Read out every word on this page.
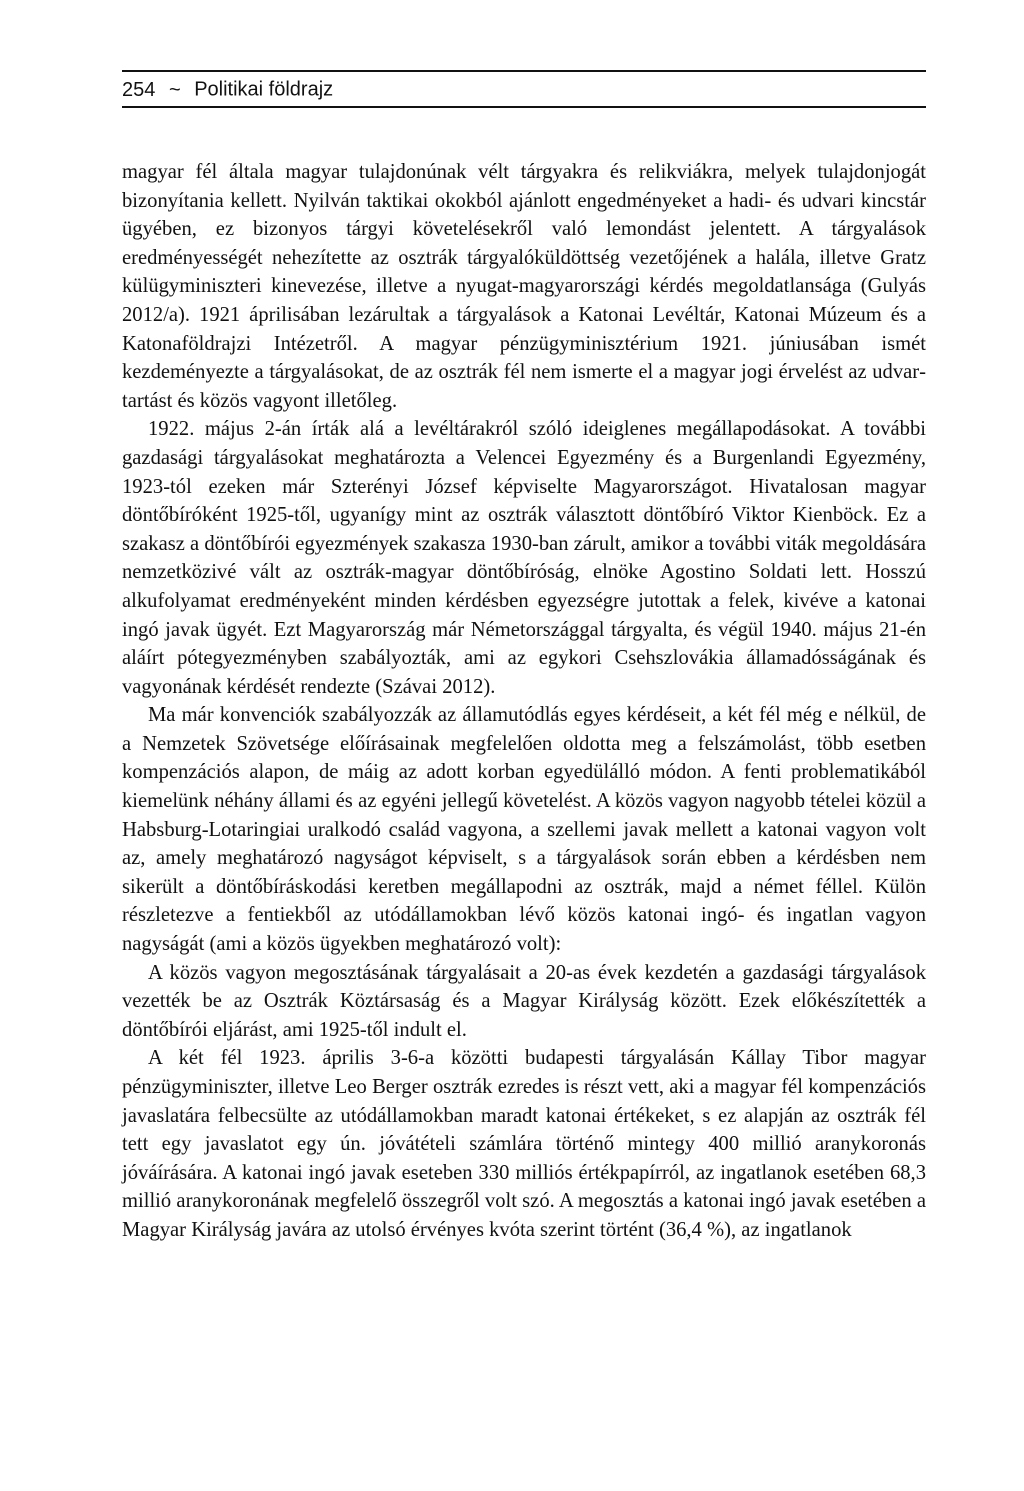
254 ~ Politikai földrajz

magyar fél általa magyar tulajdonúnak vélt tárgyakra és relikviákra, melyek tulajdonjogát bizonyítania kellett. Nyilván taktikai okokból ajánlott engedményeket a hadi- és udvari kincstár ügyében, ez bizonyos tárgyi követelésekről való lemondást jelentett. A tárgyalások eredményességét nehezítette az osztrák tárgyalóküldöttség vezetőjének a halála, illetve Gratz külügyminiszteri kinevezése, illetve a nyugat-magyarországi kérdés megoldatlansága (Gulyás 2012/a). 1921 áprilisában lezárultak a tárgyalások a Katonai Levéltár, Katonai Múzeum és a Katonaföldrajzi Intézetről. A magyar pénzügyminisztérium 1921. júniusában ismét kezdeményezte a tárgyalásokat, de az osztrák fél nem ismerte el a magyar jogi érvelést az udvartartást és közös vagyont illetőleg.

1922. május 2-án írták alá a levéltárakról szóló ideiglenes megállapodásokat. A további gazdasági tárgyalásokat meghatározta a Velencei Egyezmény és a Burgenlandi Egyezmény, 1923-tól ezeken már Szterényi József képviselte Magyarországot. Hivatalosan magyar döntőbíróként 1925-től, ugyanígy mint az osztrák választott döntőbíró Viktor Kienböck. Ez a szakasz a döntőbírói egyezmények szakasza 1930-ban zárult, amikor a további viták megoldására nemzetközivé vált az osztrák-magyar döntőbíróság, elnöke Agostino Soldati lett. Hosszú alkufolyamat eredményeként minden kérdésben egyezségre jutottak a felek, kivéve a katonai ingó javak ügyét. Ezt Magyarország már Németországgal tárgyalta, és végül 1940. május 21-én aláírt pótegyezményben szabályozták, ami az egykori Csehszlovákia államadósságának és vagyonának kérdését rendezte (Szávai 2012).

Ma már konvenciók szabályozzák az államutódlás egyes kérdéseit, a két fél még e nélkül, de a Nemzetek Szövetsége előírásainak megfelelően oldotta meg a felszámolást, több esetben kompenzációs alapon, de máig az adott korban egyedülálló módon. A fenti problematikából kiemelünk néhány állami és az egyéni jellegű követelést. A közös vagyon nagyobb tételei közül a Habsburg-Lotaringiai uralkodó család vagyona, a szellemi javak mellett a katonai vagyon volt az, amely meghatározó nagyságot képviselt, s a tárgyalások során ebben a kérdésben nem sikerült a döntőbíráskodási keretben megállapodni az osztrák, majd a német féllel. Külön részletezve a fentiekből az utódállamokban lévő közös katonai ingó- és ingatlan vagyon nagyságát (ami a közös ügyekben meghatározó volt):

A közös vagyon megosztásának tárgyalásait a 20-as évek kezdetén a gazdasági tárgyalások vezették be az Osztrák Köztársaság és a Magyar Királyság között. Ezek előkészítették a döntőbírói eljárást, ami 1925-től indult el.

A két fél 1923. április 3-6-a közötti budapesti tárgyalásán Kállay Tibor magyar pénzügyminiszter, illetve Leo Berger osztrák ezredes is részt vett, aki a magyar fél kompenzációs javaslatára felbecsülte az utódállamokban maradt katonai értékeket, s ez alapján az osztrák fél tett egy javaslatot egy ún. jóvátételi számlára történő mintegy 400 millió aranykoronás jóváírására. A katonai ingó javak eseteben 330 milliós értékpapírról, az ingatlanok esetében 68,3 millió aranykoronának megfelelő összegről volt szó. A megosztás a katonai ingó javak esetében a Magyar Királyság javára az utolsó érvényes kvóta szerint történt (36,4 %), az ingatlanok
